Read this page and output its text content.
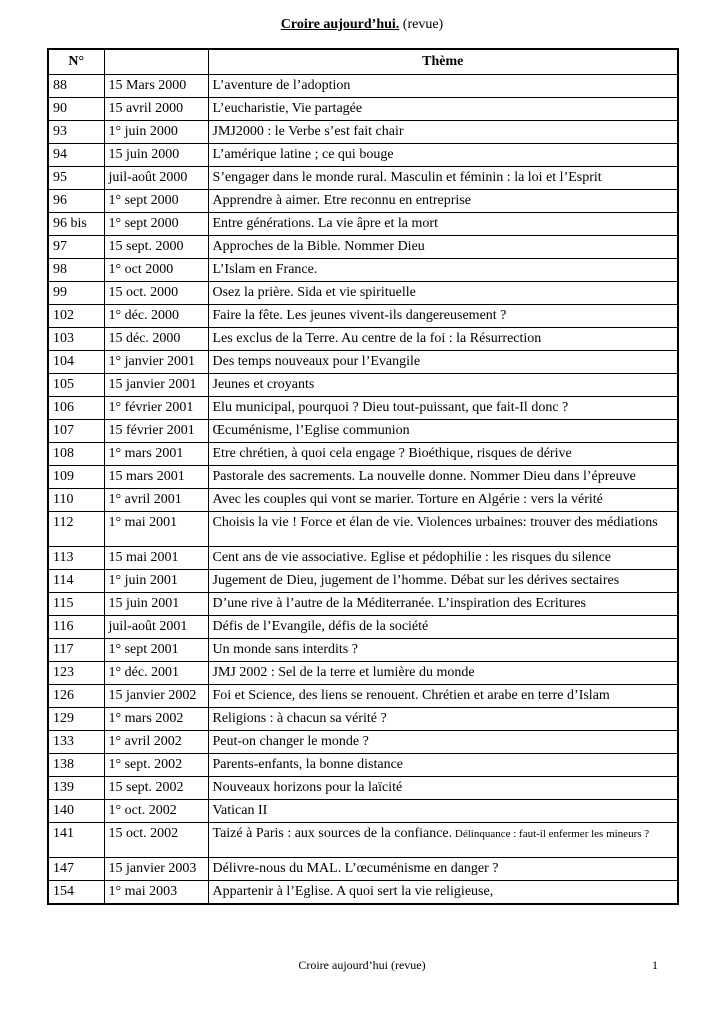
Croire aujourd’hui. (revue)
N°		Thème
88	15 Mars 2000	L’aventure de l’adoption
90	15 avril 2000	L’eucharistie, Vie partagée
93	1° juin 2000	JMJ2000 : le Verbe s’est fait chair
94	15 juin 2000	L’amérique latine ; ce qui bouge
95	juil-août 2000	S’engager dans le monde rural. Masculin et féminin : la loi et l’Esprit
96	1° sept 2000	Apprendre à aimer. Etre reconnu en entreprise
96 bis	1° sept 2000	Entre générations. La vie âpre et la mort
97	15 sept. 2000	Approches de la Bible. Nommer Dieu
98	1° oct 2000	L’Islam en France.
99	15 oct. 2000	Osez la prière. Sida et vie spirituelle
102	1° déc. 2000	Faire la fête. Les jeunes vivent-ils dangereusement ?
103	15 déc. 2000	Les exclus de la Terre. Au centre de la foi : la Résurrection
104	1° janvier 2001	Des temps nouveaux pour l’Evangile
105	15 janvier 2001	Jeunes et croyants
106	1° février 2001	Elu municipal, pourquoi ? Dieu tout-puissant, que fait-Il donc ?
107	15 février 2001	Œcuménisme, l’Eglise communion
108	1° mars 2001	Etre chrétien, à quoi cela engage ? Bioéthique, risques de dérive
109	15 mars 2001	Pastorale des sacrements. La nouvelle donne. Nommer Dieu dans l’épreuve
110	1° avril 2001	Avec les couples qui vont se marier. Torture en Algérie : vers la vérité
112	1° mai 2001	Choisis la vie ! Force et élan de vie. Violences urbaines: trouver des médiations
113	15 mai 2001	Cent ans de vie associative. Eglise et pédophilie : les risques du silence
114	1° juin 2001	Jugement de Dieu, jugement de l’homme. Débat sur les dérives sectaires
115	15 juin 2001	D’une rive à l’autre de la Méditerranée. L’inspiration des Ecritures
116	juil-août 2001	Défis de l’Evangile, défis de la société
117	1° sept 2001	Un monde sans interdits ?
123	1° déc. 2001	JMJ 2002 : Sel de la terre et lumière du monde
126	15 janvier 2002	Foi et Science, des liens se renouent. Chrétien et arabe en terre d’Islam
129	1° mars 2002	Religions : à chacun sa vérité ?
133	1° avril 2002	Peut-on changer le monde ?
138	1° sept. 2002	Parents-enfants, la bonne distance
139	15 sept. 2002	Nouveaux horizons pour la laïcité
140	1° oct. 2002	Vatican II
141	15 oct. 2002	Taizé à Paris : aux sources de la confiance. Délinquance : faut-il enfermer les mineurs ?
147	15 janvier 2003	Délivre-nous du MAL. L’œcuménisme en danger ?
154	1° mai 2003	Appartenir à l’Eglise. A quoi sert la vie religieuse,
Croire aujourd’hui (revue)	1
